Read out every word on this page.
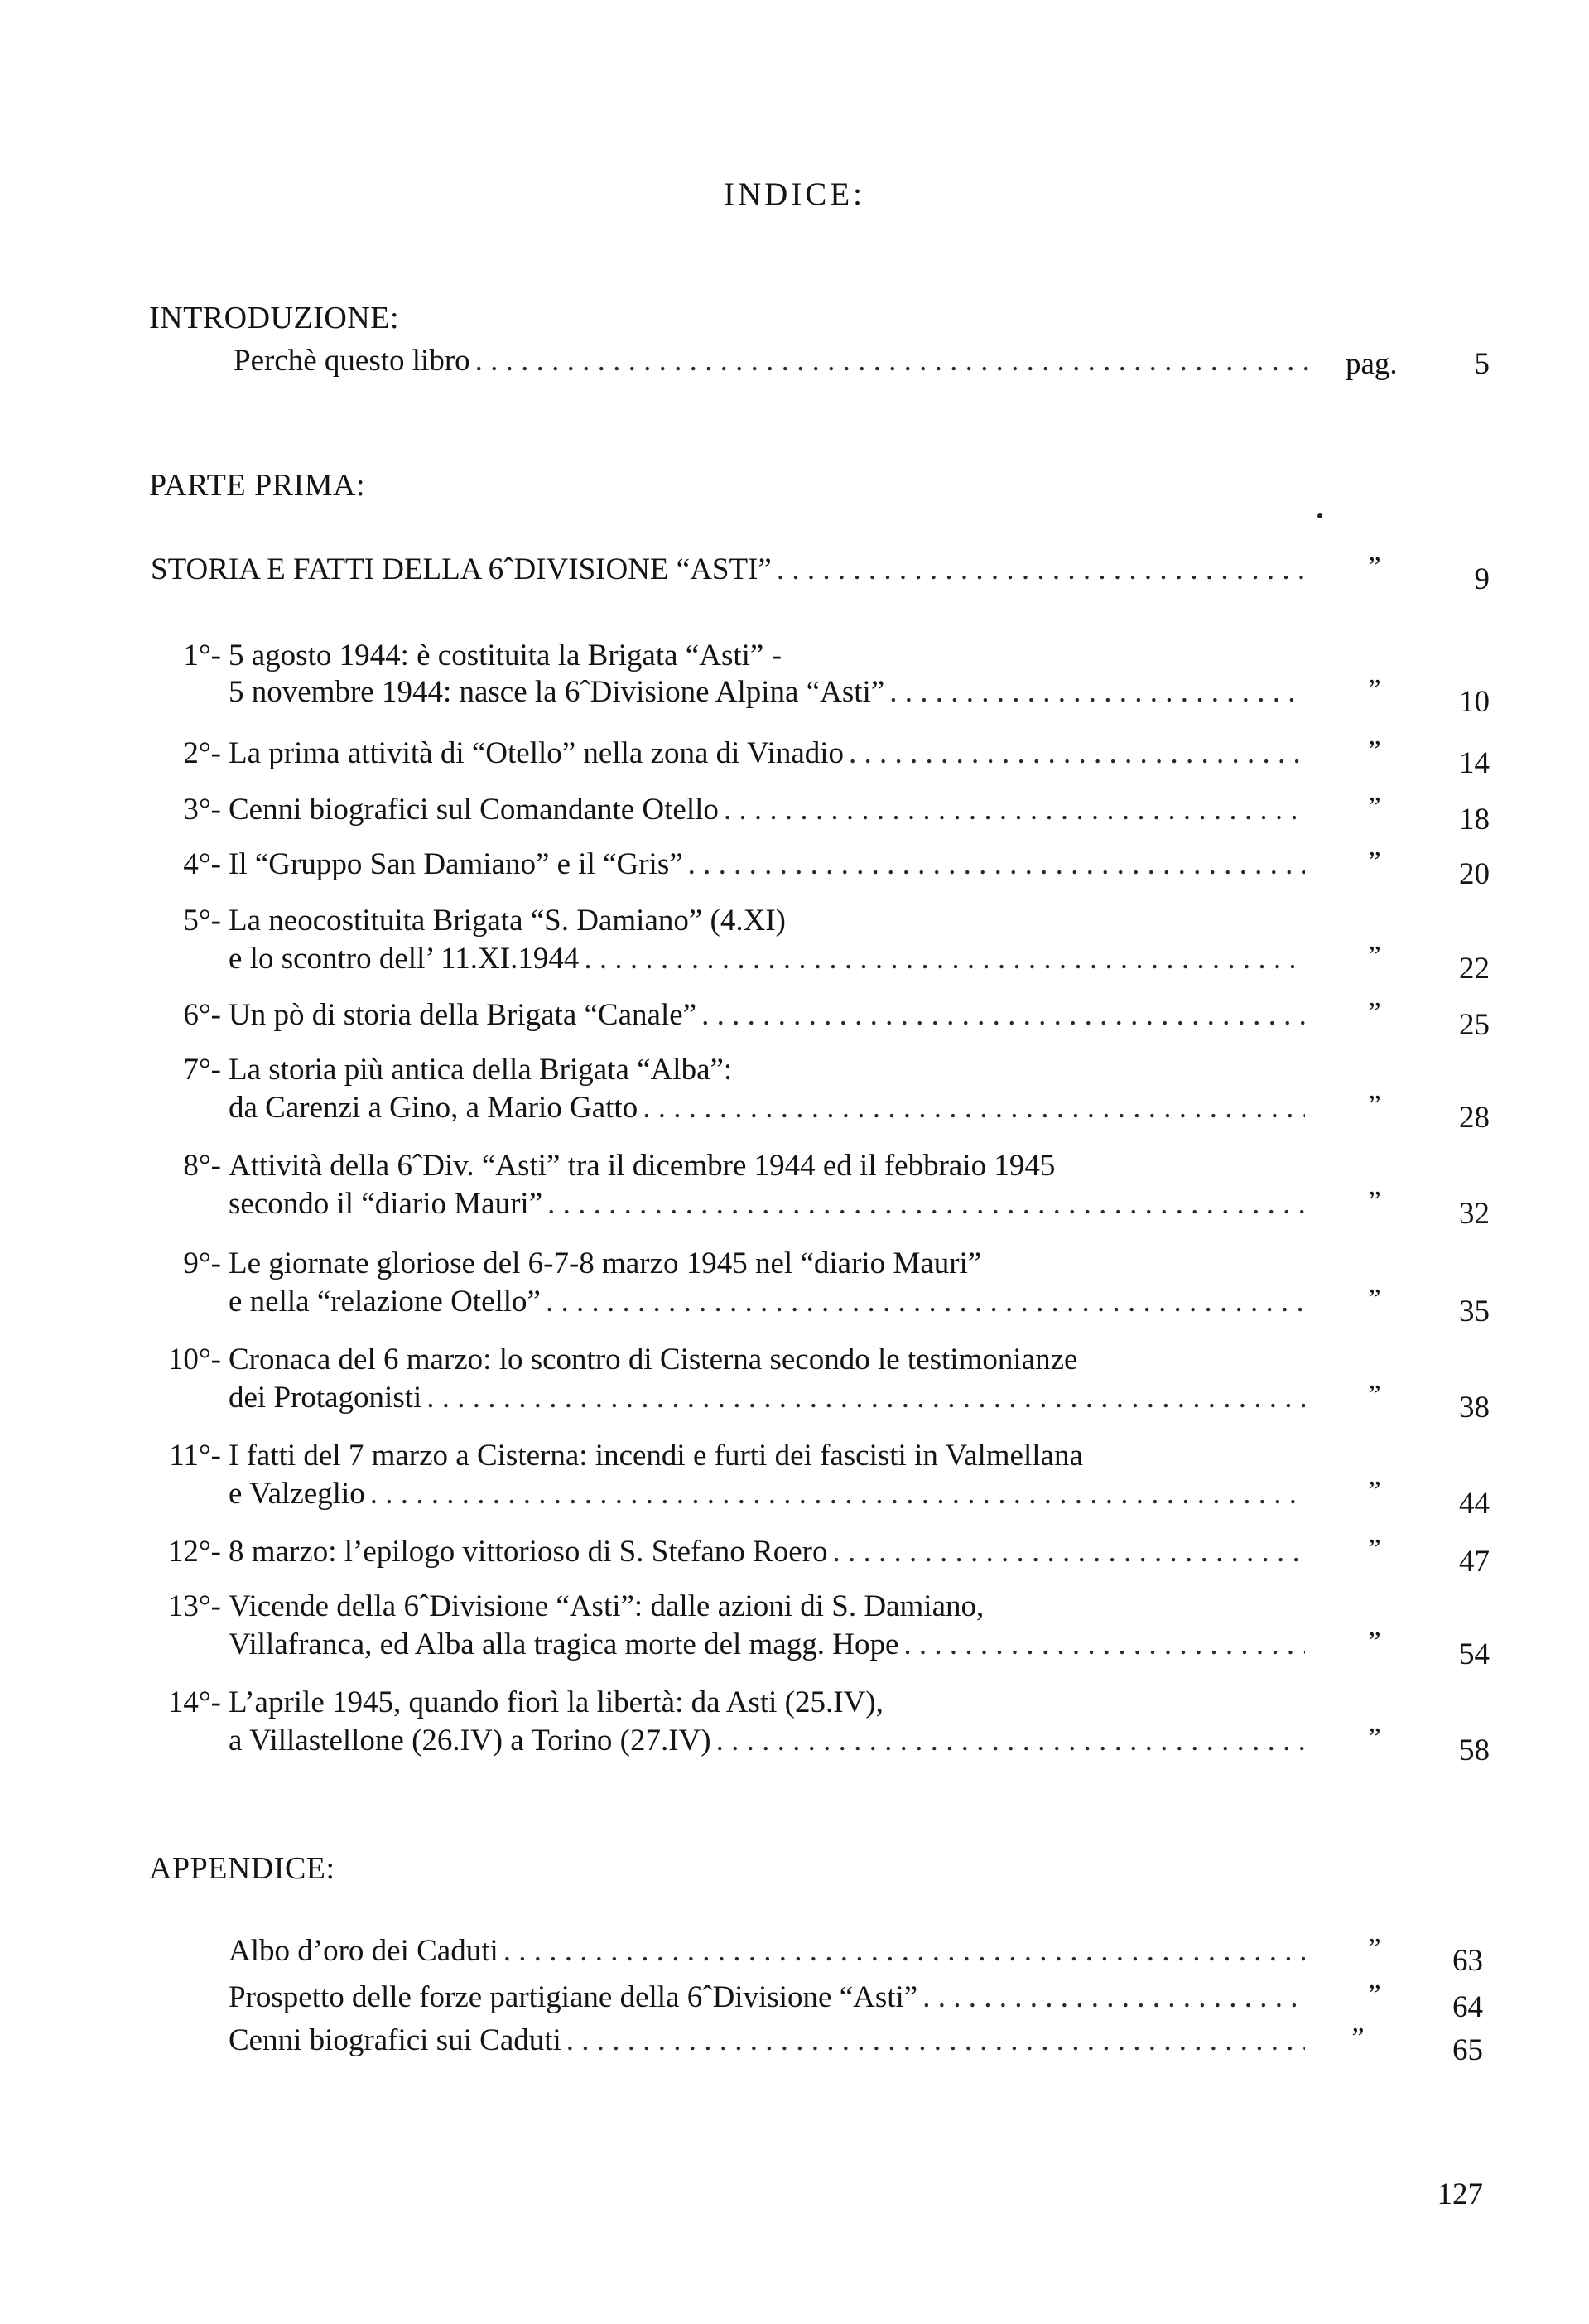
INDICE:
INTRODUZIONE:
Perchè questo libro . . .	pag.	5
PARTE PRIMA:
STORIA E FATTI DELLA 6ˆDIVISIONE “ASTI” . . .	”	9
1°- 5 agosto 1944: è costituita la Brigata “Asti” -
5 novembre 1944: nasce la 6ˆDivisione Alpina “Asti” . . .	”	10
2°- La prima attività di “Otello” nella zona di Vinadio . . .	”	14
3°- Cenni biografici sul Comandante Otello . . .	”	18
4°- Il “Gruppo San Damiano” e il “Gris” . . .	”	20
5°- La neocostituita Brigata “S. Damiano” (4.XI)
e lo scontro dell’ 11.XI.1944 . . .	”	22
6°- Un pò di storia della Brigata “Canale” . . .	”	25
7°- La storia più antica della Brigata “Alba”:
da Carenzi a Gino, a Mario Gatto . . .	”	28
8°- Attività della 6ˆDiv. “Asti” tra il dicembre 1944 ed il febbraio 1945
secondo il “diario Mauri” . . .	”	32
9°- Le giornate gloriose del 6-7-8 marzo 1945 nel “diario Mauri”
e nella “relazione Otello” . . .	”	35
10°- Cronaca del 6 marzo: lo scontro di Cisterna secondo le testimonianze
dei Protagonisti . . .	”	38
11°- I fatti del 7 marzo a Cisterna: incendi e furti dei fascisti in Valmellana
e Valzeglio . . .	”	44
12°- 8 marzo: l’epilogo vittorioso di S. Stefano Roero . . .	”	47
13°- Vicende della 6ˆDivisione “Asti”: dalle azioni di S. Damiano,
Villafranca, ed Alba alla tragica morte del magg. Hope . . .	”	54
14°- L’aprile 1945, quando fiorì la libertà: da Asti (25.IV),
a Villastellone (26.IV) a Torino (27.IV) . . .	”	58
APPENDICE:
Albo d’oro dei Caduti . . .	”	63
Prospetto delle forze partigiane della 6ˆDivisione “Asti” . . .	”	64
Cenni biografici sui Caduti . . .	”	65
127
